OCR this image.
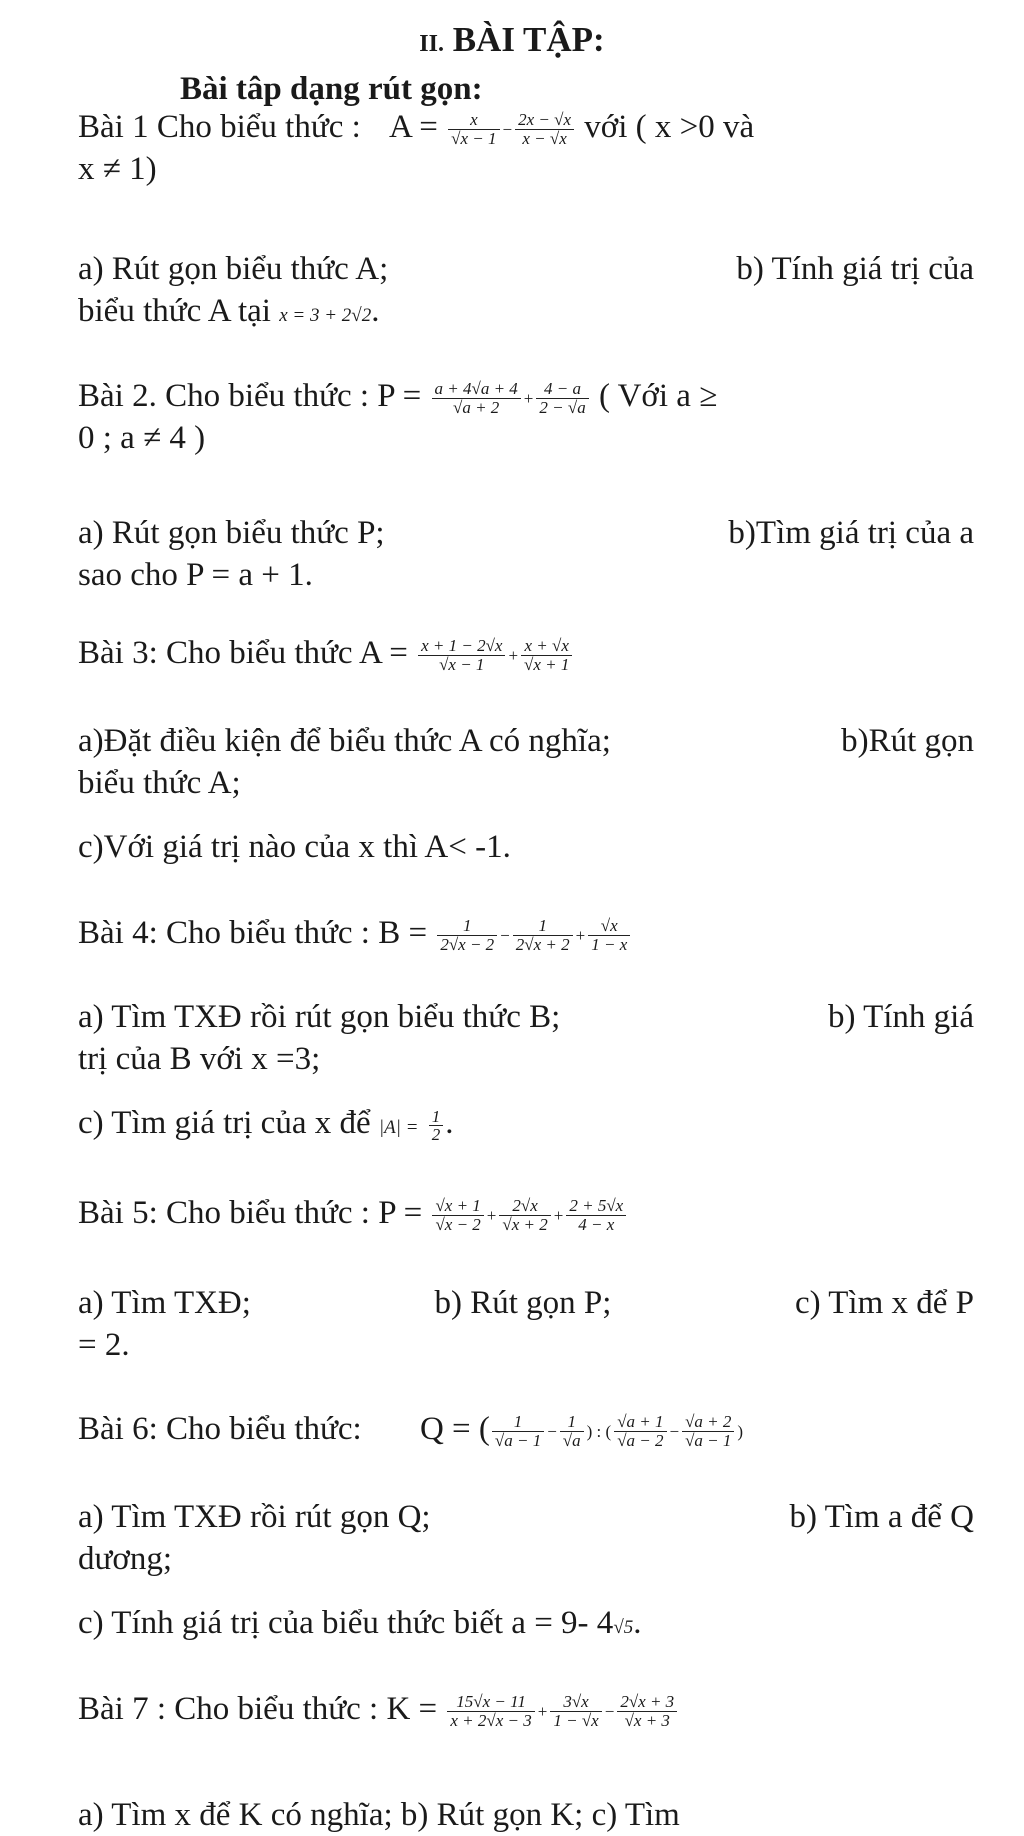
II. BÀI TẬP:

Bài tâp dạng rút gọn:

Bài 1 Cho biểu thức : $A = \frac{x}{√x - 1} - \frac{2x - √x}{x - √x}$ với ( x >0 và
x ≠ 1)
a) Rút gọn biểu thức A;	b) Tính giá trị của
biểu thức A tại x = 3 + 2√2.
Bài 2. Cho biểu thức : $P = \frac{a + 4√a + 4}{√a + 2} + \frac{4 - a}{2 - √a}$ ( Với a ≥
0 ; a ≠ 4 )
a) Rút gọn biểu thức P;	b)Tìm giá trị của a
sao cho P = a + 1.
Bài 3: Cho biểu thức $A = \frac{x + 1 - 2√x}{√x - 1} + \frac{x + √x}{√x + 1}$
a)Đặt điều kiện để biểu thức A có nghĩa;	b)Rút gọn
biểu thức A;
c)Với giá trị nào của x thì A< -1.
Bài 4: Cho biểu thức : $B = \frac{1}{2√x - 2} - \frac{1}{2√x + 2} + \frac{√x}{1 - x}$
a) Tìm TXĐ rồi rút gọn biểu thức B;	b) Tính giá
trị của B với x =3;
c) Tìm giá trị của x để $|A| = \frac{1}{2}$ .
Bài 5: Cho biểu thức : $P = \frac{√x + 1}{√x - 2} + \frac{2√x}{√x + 2} + \frac{2 + 5√x}{4 - x}$
a) Tìm TXĐ;	b) Rút gọn P;	c) Tìm x để P
= 2.
Bài 6: Cho biểu thức: Q = ( $\frac{1}{√a - 1} - \frac{1}{√a}$ ) : ( $\frac{√a + 1}{√a - 2} - \frac{√a + 2}{√a - 1}$ )
a) Tìm TXĐ rồi rút gọn Q;	b) Tìm a để Q
dương;
c) Tính giá trị của biểu thức biết a = 9- 4√5.
Bài 7 : Cho biểu thức : $K = \frac{15√x - 11}{x + 2√x - 3} + \frac{3√x}{1 - √x} - \frac{2√x + 3}{√x + 3}$
a) Tìm x để K có nghĩa; b) Rút gọn K; c) Tìm
